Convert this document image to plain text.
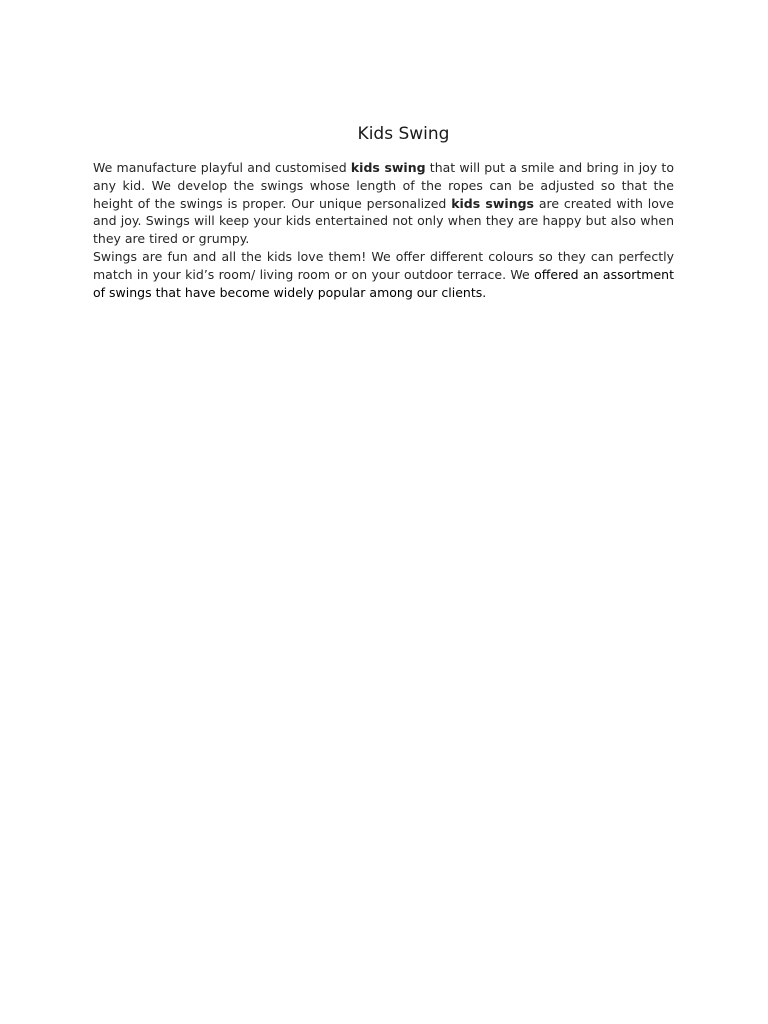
Kids Swing

We manufacture playful and customised kids swing that will put a smile and bring in joy to any kid. We develop the swings whose length of the ropes can be adjusted so that the height of the swings is proper. Our unique personalized kids swings are created with love and joy. Swings will keep your kids entertained not only when they are happy but also when they are tired or grumpy.

Swings are fun and all the kids love them! We offer different colours so they can perfectly match in your kid’s room/ living room or on your outdoor terrace. We offered an assortment of swings that have become widely popular among our clients.
